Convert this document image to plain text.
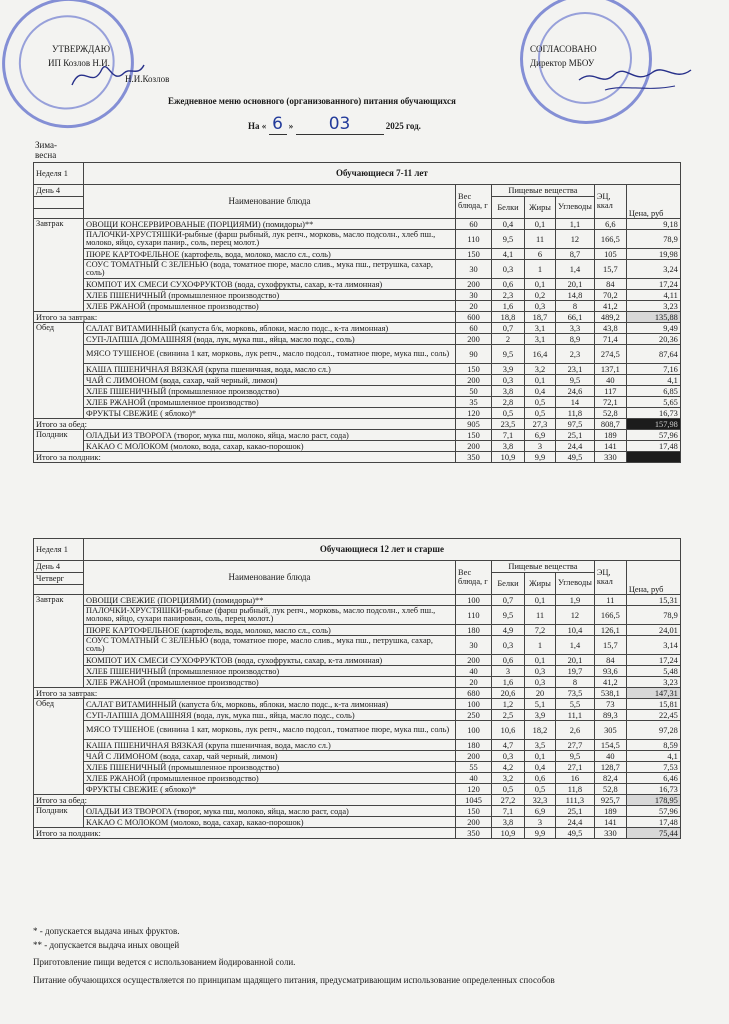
УТВЕРЖДАЮ
ИП Козлов Н.И.
Н.И.Козлов
СОГЛАСОВАНО
Директор МБОУ
Ежедневное меню основного (организованного) питания обучающихся
На « 6 » 03	2025 год.
Зима-весна
Неделя 1	Обучающиеся 7-11 лет						
День 4	Наименование блюда	Вес блюда, г	Пищевые вещества			ЭЦ, ккал	Цена, руб
			Белки	Жиры	Углеводы		

Завтрак	ОВОЩИ КОНСЕРВИРОВАНЫЕ (ПОРЦИЯМИ) (помидоры)**	60	0,4	0,1	1,1	6,6	9,18
	ПАЛОЧКИ-ХРУСТЯШКИ-рыбные (фарш рыбный, лук репч., морковь, масло подсолн., хлеб пш., молоко, яйцо, сухари панир., соль, перец молот.)	110	9,5	11	12	166,5	78,9
	ПЮРЕ КАРТОФЕЛЬНОЕ (картофель, вода, молоко, масло сл., соль)	150	4,1	6	8,7	105	19,98
	СОУС ТОМАТНЫЙ С ЗЕЛЕНЬЮ (вода, томатное пюре, масло слив., мука пш., петрушка, сахар, соль)	30	0,3	1	1,4	15,7	3,24
	КОМПОТ ИХ СМЕСИ СУХОФРУКТОВ (вода, сухофрукты, сахар, к-та лимонная)	200	0,6	0,1	20,1	84	17,24
	ХЛЕБ ПШЕНИЧНЫЙ (промышленное производство)	30	2,3	0,2	14,8	70,2	4,11
	ХЛЕБ РЖАНОЙ (промышленное производство)	20	1,6	0,3	8	41,2	3,23
Итого за завтрак:		600	18,8	18,7	66,1	489,2	135,88
Обед	САЛАТ ВИТАМИННЫЙ (капуста б/к, морковь, яблоки, масло подс., к-та лимонная)	60	0,7	3,1	3,3	43,8	9,49
	СУП-ЛАПША ДОМАШНЯЯ (вода, лук, мука пш., яйца, масло подс., соль)	200	2	3,1	8,9	71,4	20,36
	МЯСО ТУШЕНОЕ (свинина 1 кат, морковь, лук репч., масло подсол., томатное пюре, мука пш., соль)	90	9,5	16,4	2,3	274,5	87,64
	КАША ПШЕНИЧНАЯ ВЯЗКАЯ (крупа пшеничная, вода, масло сл.)	150	3,9	3,2	23,1	137,1	7,16
	ЧАЙ С ЛИМОНОМ (вода, сахар, чай черный, лимон)	200	0,3	0,1	9,5	40	4,1
	ХЛЕБ ПШЕНИЧНЫЙ (промышленное производство)	50	3,8	0,4	24,6	117	6,85
	ХЛЕБ РЖАНОЙ (промышленное производство)	35	2,8	0,5	14	72,1	5,65
	ФРУКТЫ СВЕЖИЕ ( яблоко)*	120	0,5	0,5	11,8	52,8	16,73
Итого за обед:		905	23,5	27,3	97,5	808,7	157,98
Полдник	ОЛАДЬИ ИЗ ТВОРОГА (творог, мука пш, молоко, яйца, масло раст, сода)	150	7,1	6,9	25,1	189	57,96
	КАКАО С МОЛОКОМ (молоко, вода, сахар, какао-порошок)	200	3,8	3	24,4	141	17,48
Итого за полдник:		350	10,9	9,9	49,5	330	
Неделя 1	Обучающиеся 12 лет и старше						
День 4	Наименование блюда	Вес блюда, г	Пищевые вещества			ЭЦ, ккал	Цена, руб
Четверг			Белки	Жиры	Углеводы		

Завтрак	ОВОЩИ СВЕЖИЕ (ПОРЦИЯМИ) (помидоры)**	100	0,7	0,1	1,9	11	15,31
	ПАЛОЧКИ-ХРУСТЯШКИ-рыбные (фарш рыбный, лук репч., морковь, масло подсолн., хлеб пш., молоко, яйцо, сухари панирован, соль, перец молот.)	110	9,5	11	12	166,5	78,9
	ПЮРЕ КАРТОФЕЛЬНОЕ (картофель, вода, молоко, масло сл., соль)	180	4,9	7,2	10,4	126,1	24,01
	СОУС ТОМАТНЫЙ С ЗЕЛЕНЬЮ (вода, томатное пюре, масло слив., мука пш., петрушка, сахар, соль)	30	0,3	1	1,4	15,7	3,14
	КОМПОТ ИХ СМЕСИ СУХОФРУКТОВ (вода, сухофрукты, сахар, к-та лимонная)	200	0,6	0,1	20,1	84	17,24
	ХЛЕБ ПШЕНИЧНЫЙ (промышленное производство)	40	3	0,3	19,7	93,6	5,48
	ХЛЕБ РЖАНОЙ (промышленное производство)	20	1,6	0,3	8	41,2	3,23
Итого за завтрак:		680	20,6	20	73,5	538,1	147,31
Обед	САЛАТ ВИТАМИННЫЙ (капуста б/к, морковь, яблоки, масло подс., к-та лимонная)	100	1,2	5,1	5,5	73	15,81
	СУП-ЛАПША ДОМАШНЯЯ (вода, лук, мука пш., яйца, масло подс., соль)	250	2,5	3,9	11,1	89,3	22,45
	МЯСО ТУШЕНОЕ (свинина 1 кат, морковь, лук репч., масло подсол., томатное пюре, мука пш., соль)	100	10,6	18,2	2,6	305	97,28
	КАША ПШЕНИЧНАЯ ВЯЗКАЯ (крупа пшеничная, вода, масло сл.)	180	4,7	3,5	27,7	154,5	8,59
	ЧАЙ С ЛИМОНОМ (вода, сахар, чай черный, лимон)	200	0,3	0,1	9,5	40	4,1
	ХЛЕБ ПШЕНИЧНЫЙ (промышленное производство)	55	4,2	0,4	27,1	128,7	7,53
	ХЛЕБ РЖАНОЙ (промышленное производство)	40	3,2	0,6	16	82,4	6,46
	ФРУКТЫ СВЕЖИЕ ( яблоко)*	120	0,5	0,5	11,8	52,8	16,73
Итого за обед:		1045	27,2	32,3	111,3	925,7	178,95
Полдник	ОЛАДЬИ ИЗ ТВОРОГА (творог, мука пш, молоко, яйца, масло раст, сода)	150	7,1	6,9	25,1	189	57,96
	КАКАО С МОЛОКОМ (молоко, вода, сахар, какао-порошок)	200	3,8	3	24,4	141	17,48
Итого за полдник:		350	10,9	9,9	49,5	330	75,44
* - допускается выдача иных фруктов.
** - допускается выдача иных овощей
Приготовление пищи ведется с использованием йодированной соли.
Питание обучающихся осуществляется по принципам щадящего питания, предусматривающим использование определенных способов
